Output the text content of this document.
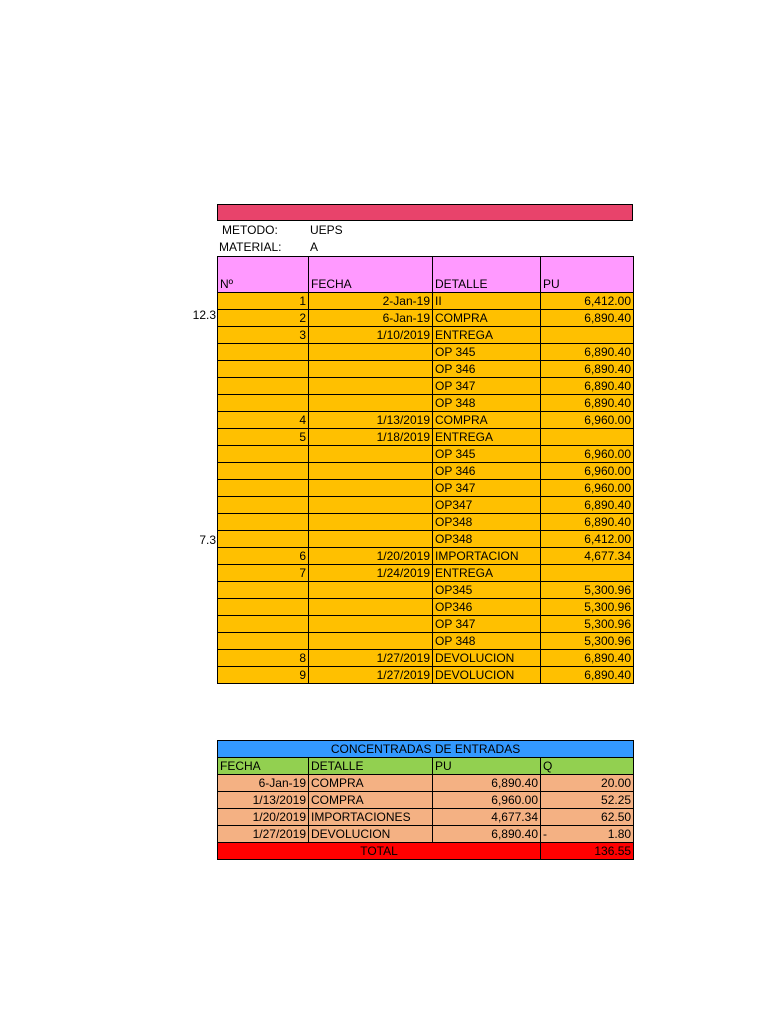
METODO:	UEPS
MATERIAL: A
12.3
7.3
Nº	FECHA	DETALLE	PU
1	2-Jan-19	II	6,412.00
2	6-Jan-19	COMPRA	6,890.40
3	1/10/2019	ENTREGA	
		OP 345	6,890.40
		OP 346	6,890.40
		OP 347	6,890.40
		OP 348	6,890.40
4	1/13/2019	COMPRA	6,960.00
5	1/18/2019	ENTREGA	
		OP 345	6,960.00
		OP 346	6,960.00
		OP 347	6,960.00
		OP347	6,890.40
		OP348	6,890.40
		OP348	6,412.00
6	1/20/2019	IMPORTACION	4,677.34
7	1/24/2019	ENTREGA	
		OP345	5,300.96
		OP346	5,300.96
		OP 347	5,300.96
		OP 348	5,300.96
8	1/27/2019	DEVOLUCION	6,890.40
9	1/27/2019	DEVOLUCION	6,890.40
CONCENTRADAS DE ENTRADAS			
FECHA	DETALLE	PU	Q
6-Jan-19	COMPRA	6,890.40	20.00

1/13/2019	COMPRA	6,960.00	52.25

1/20/2019	IMPORTACIONES	4,677.34	62.50

1/27/2019	DEVOLUCION	6,890.40	- 1.80

TOTAL			136.55
